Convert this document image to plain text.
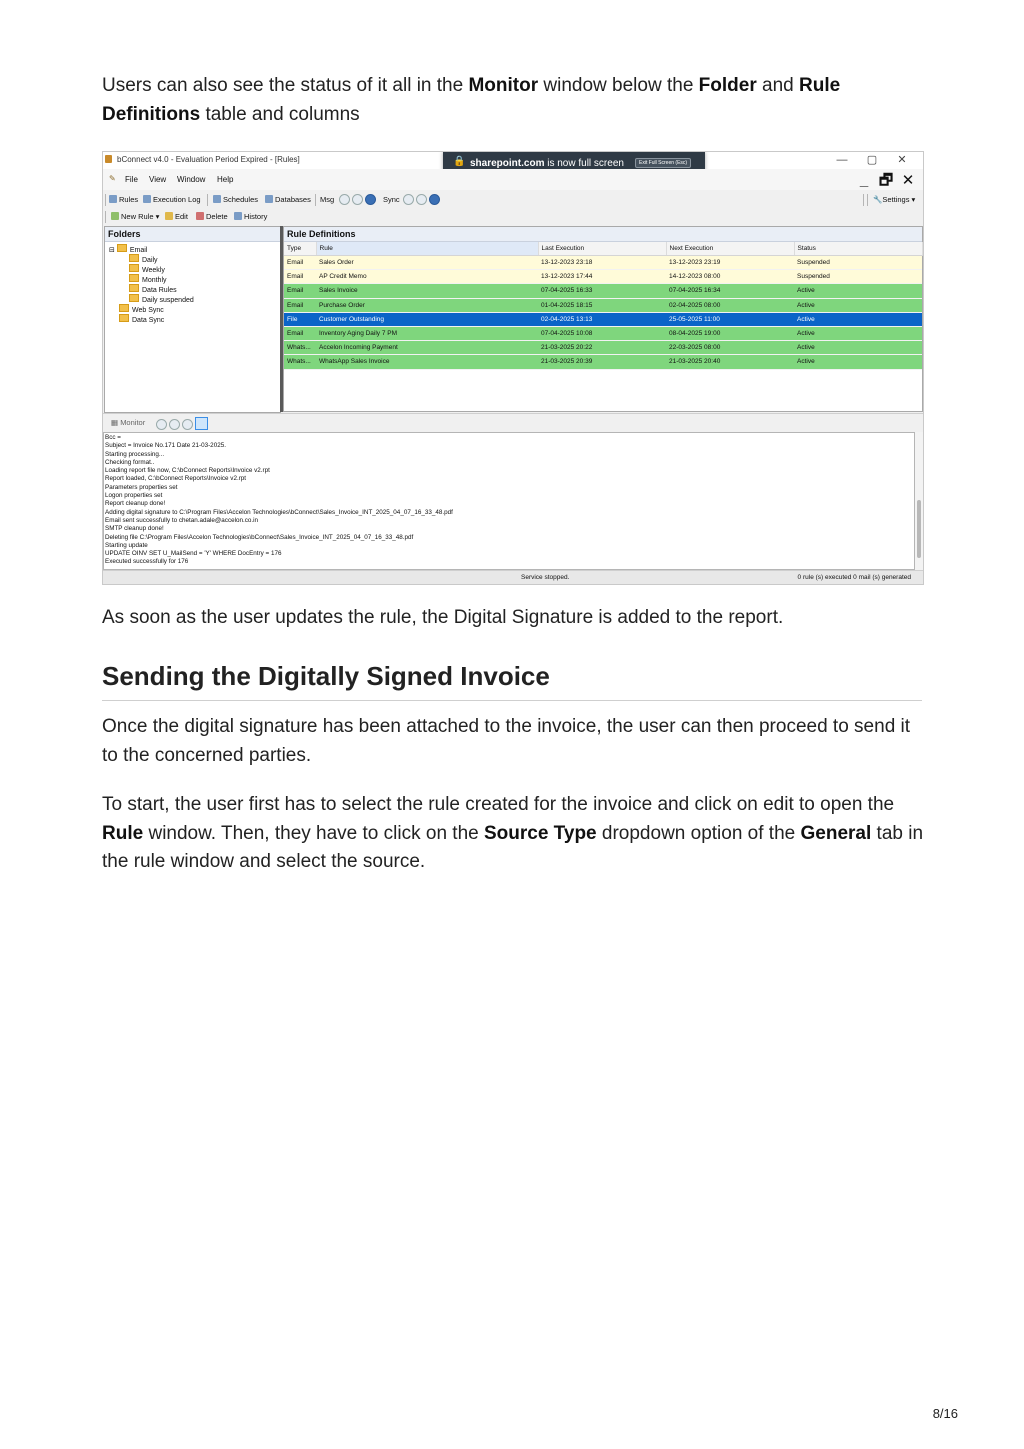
Users can also see the status of it all in the Monitor window below the Folder and Rule Definitions table and columns

bConnect v4.0 - Evaluation Period Expired - [Rules]	— ▢ ✕
🔒 sharepoint.com is now full screen	Exit Full Screen (Esc)
✎ File View Window Help	_ 🗗 ✕
Rules	Execution Log	Schedules	Databases Msg	Sync	🔧Settings ▾
New Rule ▾	Edit	Delete	History
Folders
⊟ Email
Daily
Weekly
Monthly
Data Rules
Daily suspended
Web Sync
Data Sync
Rule Definitions
Type	Rule	Last Execution	Next Execution	Status
Email	Sales Order	13-12-2023 23:18	13-12-2023 23:19	Suspended
Email	AP Credit Memo	13-12-2023 17:44	14-12-2023 08:00	Suspended
Email	Sales Invoice	07-04-2025 16:33	07-04-2025 16:34	Active
Email	Purchase Order	01-04-2025 18:15	02-04-2025 08:00	Active
File	Customer Outstanding	02-04-2025 13:13	25-05-2025 11:00	Active
Email	Inventory Aging Daily 7 PM	07-04-2025 10:08	08-04-2025 19:00	Active
Whats...	Accelon Incoming Payment	21-03-2025 20:22	22-03-2025 08:00	Active
Whats...	WhatsApp Sales Invoice	21-03-2025 20:39	21-03-2025 20:40	Active
▦ Monitor
Bcc =
Subject = Invoice No.171 Date 21-03-2025.
Starting processing...
Checking format..
Loading report file now, C:\bConnect Reports\Invoice v2.rpt
Report loaded, C:\bConnect Reports\Invoice v2.rpt
Parameters properties set
Logon properties set
Report cleanup done!
Adding digital signature to C:\Program Files\Accelon Technologies\bConnect\Sales_Invoice_INT_2025_04_07_16_33_48.pdf
Email sent successfully to chetan.adale@accelon.co.in
SMTP cleanup done!
Deleting file C:\Program Files\Accelon Technologies\bConnect\Sales_Invoice_INT_2025_04_07_16_33_48.pdf
Starting update
UPDATE OINV SET U_MailSend = 'Y' WHERE DocEntry = 176
Executed successfully for 176
Service stopped.	0 rule (s) executed 0 mail (s) generated

As soon as the user updates the rule, the Digital Signature is added to the report.

Sending the Digitally Signed Invoice

Once the digital signature has been attached to the invoice, the user can then proceed to send it to the concerned parties.

To start, the user first has to select the rule created for the invoice and click on edit to open the Rule window. Then, they have to click on the Source Type dropdown option of the General tab in the rule window and select the source.

8/16
